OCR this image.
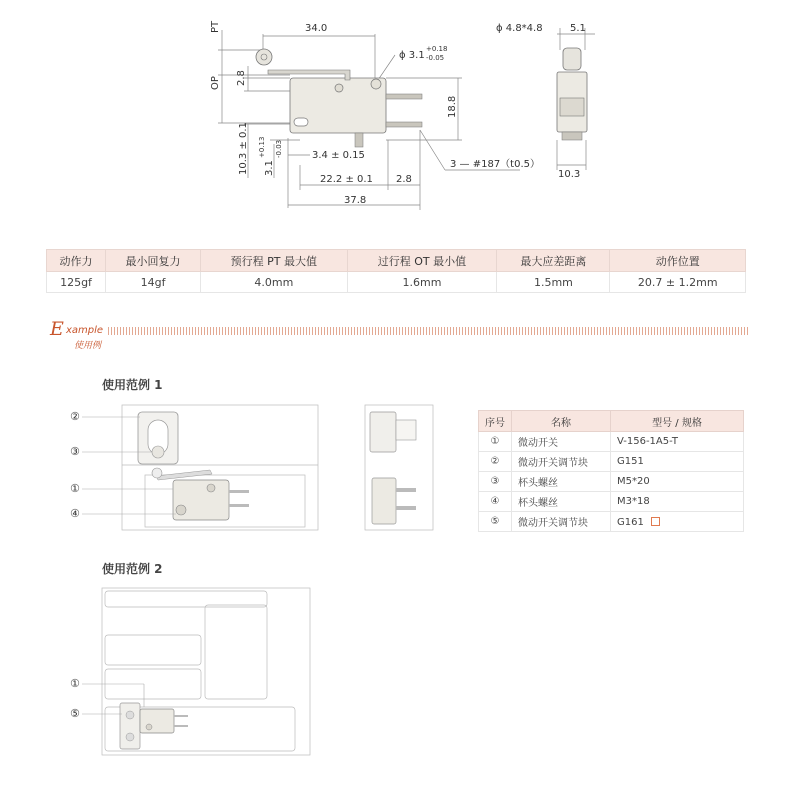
PT
OP
34.0
2.8
ϕ 3.1
+0.18
-0.05
18.8
10.3 ± 0.1 3.1
+0.13 -0.03	3.4 ± 0.15
22.2 ± 0.1 2.8
37.8
3 — #187（t0.5）
ϕ 4.8*4.8	5.1
10.3
动作力	最小回复力	预行程 PT 最大值	过行程 OT 最小值	最大应差距离	动作位置
125gf	14gf	4.0mm	1.6mm	1.5mm	20.7 ± 1.2mm
E xample
使用例
使用范例 1
②
③
①
④
序号	名称	型号 / 规格
①	微动开关	V-156-1A5-T
②	微动开关调节块	G151
③	杯头螺丝	M5*20
④	杯头螺丝	M3*18
⑤	微动开关调节块	G161
使用范例 2
①
⑤
